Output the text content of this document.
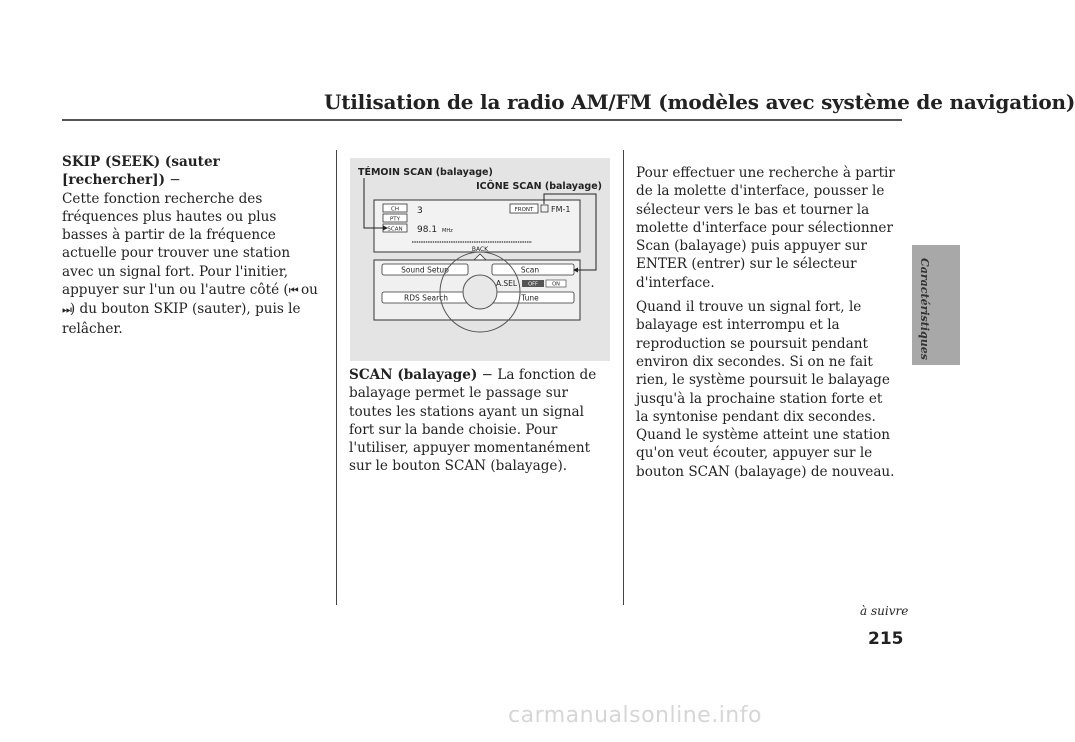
Utilisation de la radio AM/FM (modèles avec système de navigation)
Caractéristiques
SKIP (SEEK) (sauter [rechercher]) −
Cette fonction recherche des fréquences plus hautes ou plus basses à partir de la fréquence actuelle pour trouver une station avec un signal fort. Pour l'initier, appuyer sur l'un ou l'autre côté (⏮ ou ⏭) du bouton SKIP (sauter), puis le relâcher.
CH
PTY
SCAN
3
98.1 MHz
FRONT FM-1
BACK
Sound Setup	Scan
RDS Search	Tune
A.SEL OFF	ON
TÉMOIN SCAN (balayage)
ICÔNE SCAN (balayage)
SCAN (balayage) − La fonction de balayage permet le passage sur toutes les stations ayant un signal fort sur la bande choisie. Pour l'utiliser, appuyer momentanément sur le bouton SCAN (balayage).
Pour effectuer une recherche à partir de la molette d'interface, pousser le sélecteur vers le bas et tourner la molette d'interface pour sélectionner Scan (balayage) puis appuyer sur ENTER (entrer) sur le sélecteur d'interface.
Quand il trouve un signal fort, le balayage est interrompu et la reproduction se poursuit pendant environ dix secondes. Si on ne fait rien, le système poursuit le balayage jusqu'à la prochaine station forte et la syntonise pendant dix secondes. Quand le système atteint une station qu'on veut écouter, appuyer sur le bouton SCAN (balayage) de nouveau.
à suivre
215
carmanualsonline.info
